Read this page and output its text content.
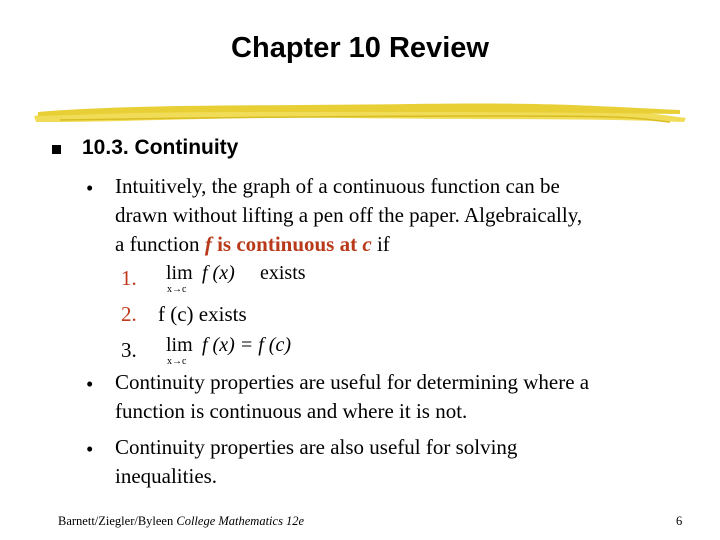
Chapter 10 Review
10.3. Continuity
• Intuitively, the graph of a continuous function can be
drawn without lifting a pen off the paper. Algebraically,
a function f is continuous at c if
1. lim
x→c
f (x) exists
2. f (c) exists
3. lim
x→c
f (x) = f (c)
• Continuity properties are useful for determining where a
function is continuous and where it is not.
• Continuity properties are also useful for solving
inequalities.
Barnett/Ziegler/Byleen College Mathematics 12e	6
